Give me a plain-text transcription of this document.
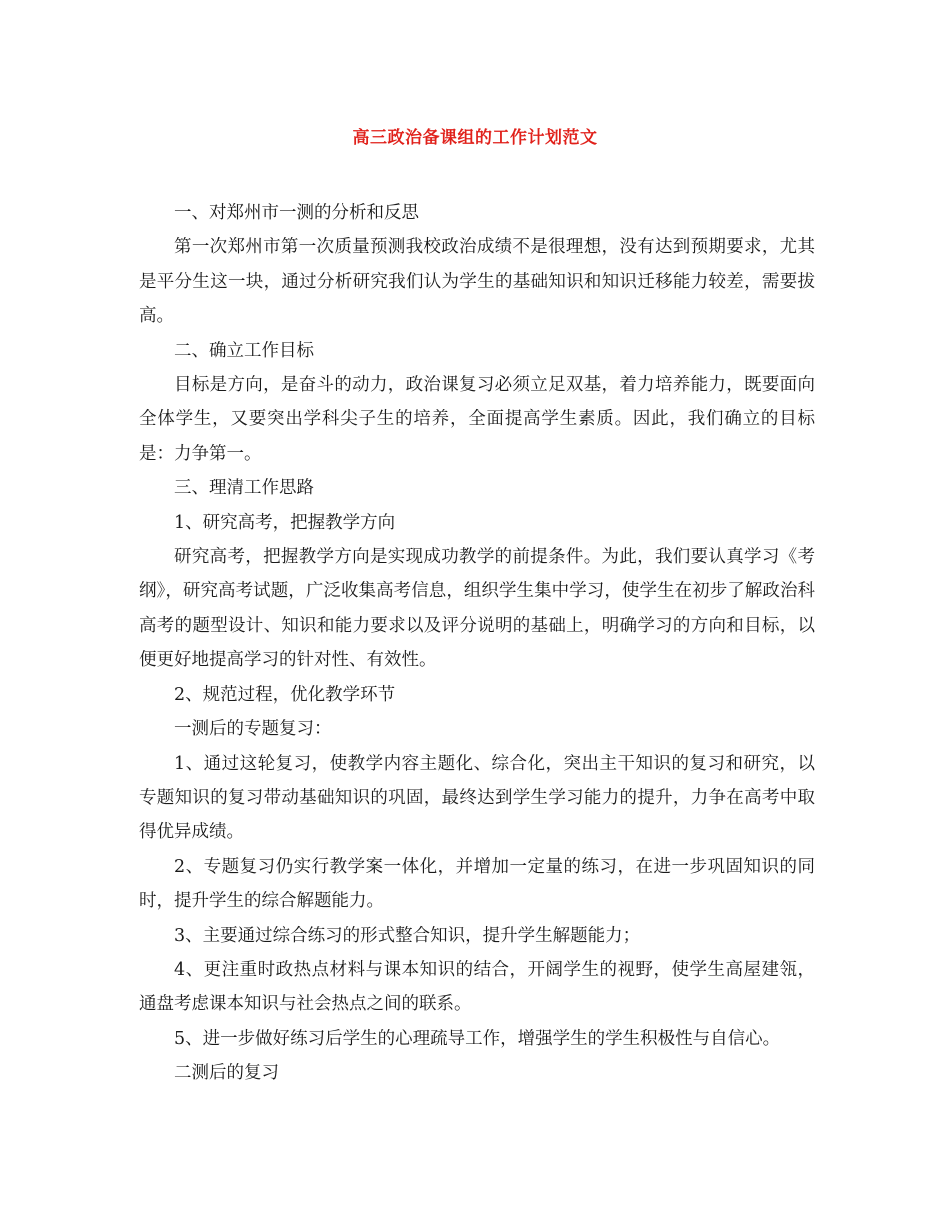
高三政治备课组的工作计划范文

一、对郑州市一测的分析和反思

第一次郑州市第一次质量预测我校政治成绩不是很理想，没有达到预期要求，尤其是平分生这一块，通过分析研究我们认为学生的基础知识和知识迁移能力较差，需要拔高。

二、确立工作目标

目标是方向，是奋斗的动力，政治课复习必须立足双基，着力培养能力，既要面向全体学生，又要突出学科尖子生的培养，全面提高学生素质。因此，我们确立的目标是：力争第一。

三、理清工作思路

1、研究高考，把握教学方向

研究高考，把握教学方向是实现成功教学的前提条件。为此，我们要认真学习《考纲》，研究高考试题，广泛收集高考信息，组织学生集中学习，使学生在初步了解政治科高考的题型设计、知识和能力要求以及评分说明的基础上，明确学习的方向和目标，以便更好地提高学习的针对性、有效性。

2、规范过程，优化教学环节

一测后的专题复习：

1、通过这轮复习，使教学内容主题化、综合化，突出主干知识的复习和研究，以专题知识的复习带动基础知识的巩固，最终达到学生学习能力的提升，力争在高考中取得优异成绩。

2、专题复习仍实行教学案一体化，并增加一定量的练习，在进一步巩固知识的同时，提升学生的综合解题能力。

3、主要通过综合练习的形式整合知识，提升学生解题能力；

4、更注重时政热点材料与课本知识的结合，开阔学生的视野，使学生高屋建瓴，通盘考虑课本知识与社会热点之间的联系。

5、进一步做好练习后学生的心理疏导工作，增强学生的学生积极性与自信心。

二测后的复习
